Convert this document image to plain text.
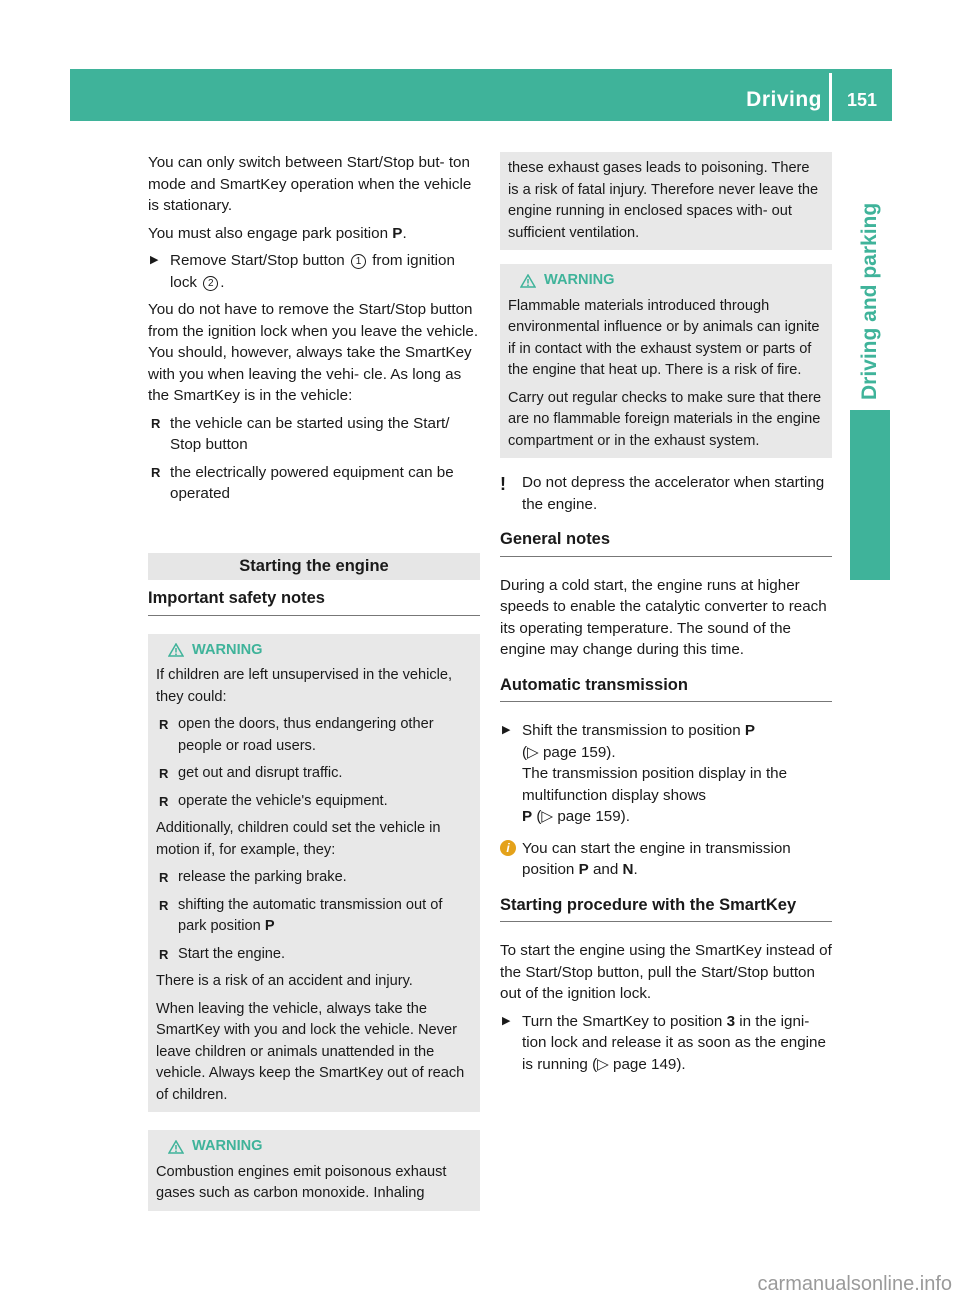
Driving	151
Driving and parking

You can only switch between Start/Stop but- ton mode and SmartKey operation when the vehicle is stationary.

You must also engage park position P.

▶ Remove Start/Stop button 1 from ignition lock 2 .

You do not have to remove the Start/Stop button from the ignition lock when you leave the vehicle. You should, however, always take the SmartKey with you when leaving the vehi- cle. As long as the SmartKey is in the vehicle:

R the vehicle can be started using the Start/ Stop button
R the electrically powered equipment can be operated
Starting the engine
Important safety notes
WARNING

If children are left unsupervised in the vehicle, they could:

R open the doors, thus endangering other people or road users.
R get out and disrupt traffic.
R operate the vehicle's equipment.

Additionally, children could set the vehicle in motion if, for example, they:

R release the parking brake.
R shifting the automatic transmission out of park position P
R Start the engine.

There is a risk of an accident and injury.

When leaving the vehicle, always take the SmartKey with you and lock the vehicle. Never leave children or animals unattended in the vehicle. Always keep the SmartKey out of reach of children.

WARNING

Combustion engines emit poisonous exhaust gases such as carbon monoxide. Inhaling

these exhaust gases leads to poisoning. There is a risk of fatal injury. Therefore never leave the engine running in enclosed spaces with- out sufficient ventilation.

WARNING

Flammable materials introduced through environmental influence or by animals can ignite if in contact with the exhaust system or parts of the engine that heat up. There is a risk of fire.

Carry out regular checks to make sure that there are no flammable foreign materials in the engine compartment or in the exhaust system.

!	Do not depress the accelerator when starting the engine.
General notes

During a cold start, the engine runs at higher speeds to enable the catalytic converter to reach its operating temperature. The sound of the engine may change during this time.

Automatic transmission
▶ Shift the transmission to position P
(▷ page 159).
The transmission position display in the multifunction display shows
P (▷ page 159).
i You can start the engine in transmission position P and N.
Starting procedure with the SmartKey

To start the engine using the SmartKey instead of the Start/Stop button, pull the Start/Stop button out of the ignition lock.

▶ Turn the SmartKey to position 3 in the igni- tion lock and release it as soon as the engine is running (▷ page 149).
carmanualsonline.info
